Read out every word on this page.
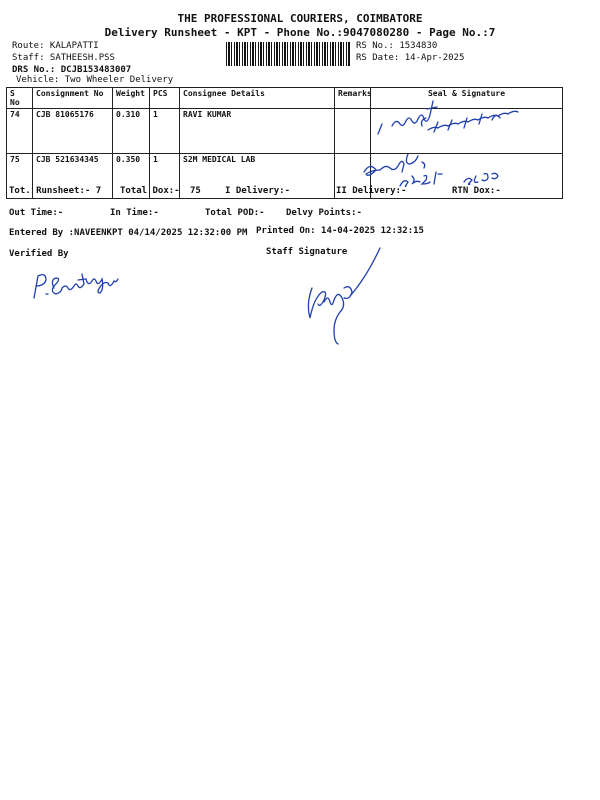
THE PROFESSIONAL COURIERS, COIMBATORE
Delivery Runsheet - KPT - Phone No.:9047080280 - Page No.:7
Route: KALAPATTI
Staff: SATHEESH.PSS
DRS No.: DCJB153483007
Vehicle: Two Wheeler Delivery
RS No.: 1534830
RS Date: 14-Apr-2025
S No	Consignment No	Weight	PCS	Consignee Details	Remarks	Seal & Signature
74	CJB 81065176	0.310	1	RAVI KUMAR		
75	CJB 521634345	0.350	1	S2M MEDICAL LAB		
Tot. Runsheet:- 7 Total Dox:- 75	I Delivery:-	II Delivery:-	RTN Dox:-
Out Time:-	In Time:-	Total POD:- Delvy Points:-
Entered By :NAVEENKPT 04/14/2025 12:32:00 PM Printed On: 14-04-2025 12:32:15
Verified By	Staff Signature
